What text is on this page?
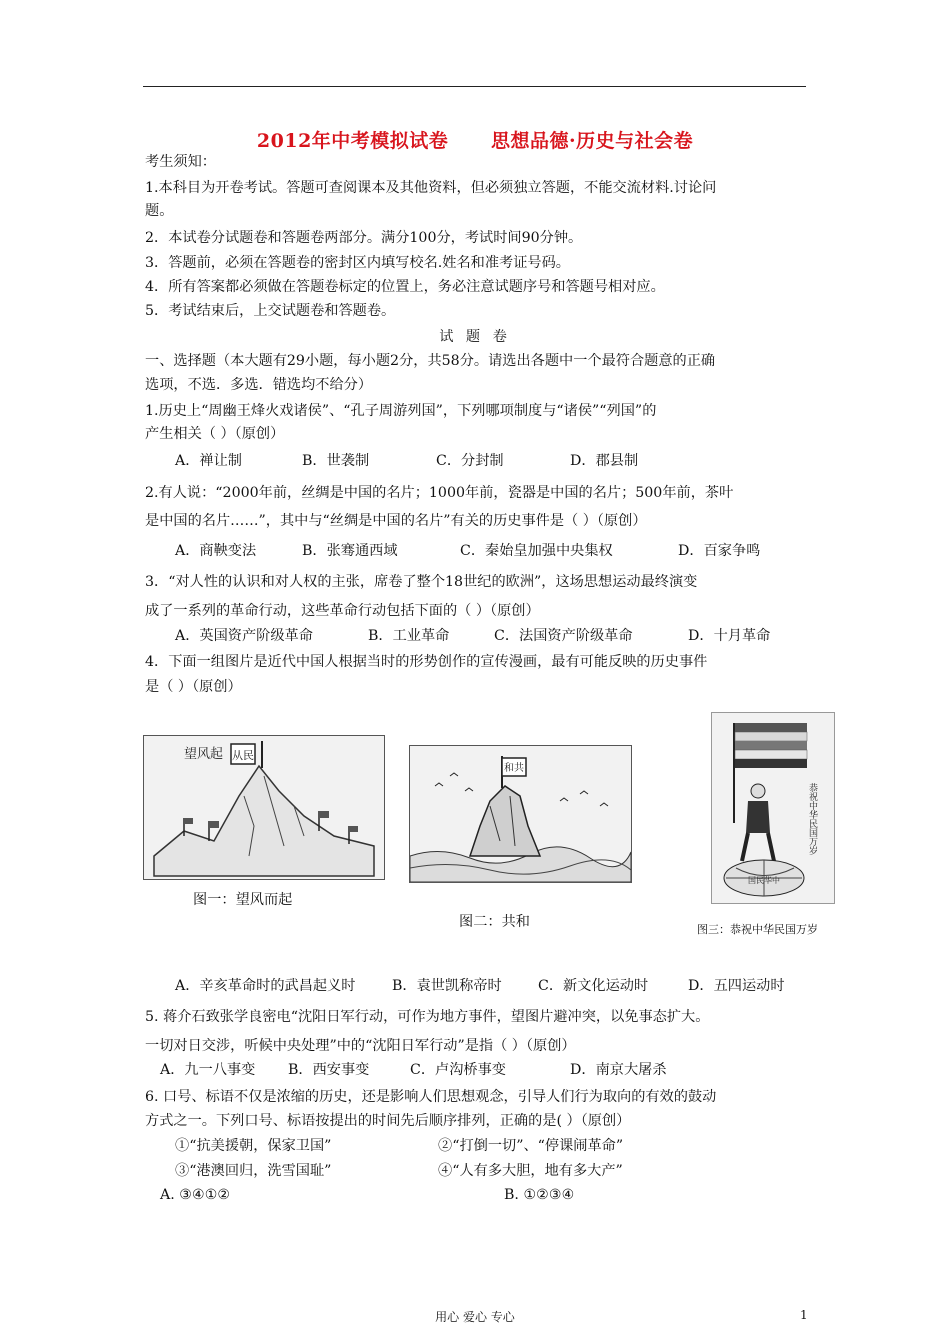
2012年中考模拟试卷      思想品德·历史与社会卷
考生须知：
1.本科目为开卷考试。答题可查阅课本及其他资料，但必须独立答题，不能交流材料.讨论问
题。
2．本试卷分试题卷和答题卷两部分。满分100分，考试时间90分钟。
3．答题前，必须在答题卷的密封区内填写校名.姓名和准考证号码。
4．所有答案都必须做在答题卷标定的位置上，务必注意试题序号和答题号相对应。
5．考试结束后，上交试题卷和答题卷。
试 题 卷
一、选择题（本大题有29小题，每小题2分，共58分。请选出各题中一个最符合题意的正确
选项，不选．多选．错选均不给分）
1.历史上“周幽王烽火戏诸侯”、“孔子周游列国”，下列哪项制度与“诸侯”“列国”的
产生相关（ ）（原创）
A．禅让制	B．世袭制	C．分封制	D．郡县制
2.有人说：“2000年前，丝绸是中国的名片；1000年前，瓷器是中国的名片；500年前，茶叶
是中国的名片……”，其中与“丝绸是中国的名片”有关的历史事件是（ ）（原创）
A．商鞅变法	B．张骞通西域	C．秦始皇加强中央集权	D．百家争鸣
3．“对人性的认识和对人权的主张，席卷了整个18世纪的欧洲”，这场思想运动最终演变
成了一系列的革命行动，这些革命行动包括下面的（ ）（原创）
A．英国资产阶级革命	B．工业革命	C．法国资产阶级革命	D．十月革命
4．下面一组图片是近代中国人根据当时的形势创作的宣传漫画，最有可能反映的历史事件
是（ ）（原创）
从民
望风起
图一：望风而起
和共
图二：共和
国民华中
恭祝中华民国万岁
图三：恭祝中华民国万岁
A．辛亥革命时的武昌起义时	B．袁世凯称帝时	C．新文化运动时	D．五四运动时
5. 蒋介石致张学良密电“沈阳日军行动，可作为地方事件，望图片避冲突，以免事态扩大。
一切对日交涉，听候中央处理”中的“沈阳日军行动”是指（ ）（原创）
A．九一八事变 B．西安事变	C．卢沟桥事变	D．南京大屠杀
6. 口号、标语不仅是浓缩的历史，还是影响人们思想观念，引导人们行为取向的有效的鼓动
方式之一。下列口号、标语按提出的时间先后顺序排列，正确的是( ）（原创）
①“抗美援朝，保家卫国”	②“打倒一切”、“停课闹革命”
③“港澳回归，洗雪国耻”	④“人有多大胆，地有多大产”
A. ③④①②	B. ①②③④
用心 爱心 专心	1
